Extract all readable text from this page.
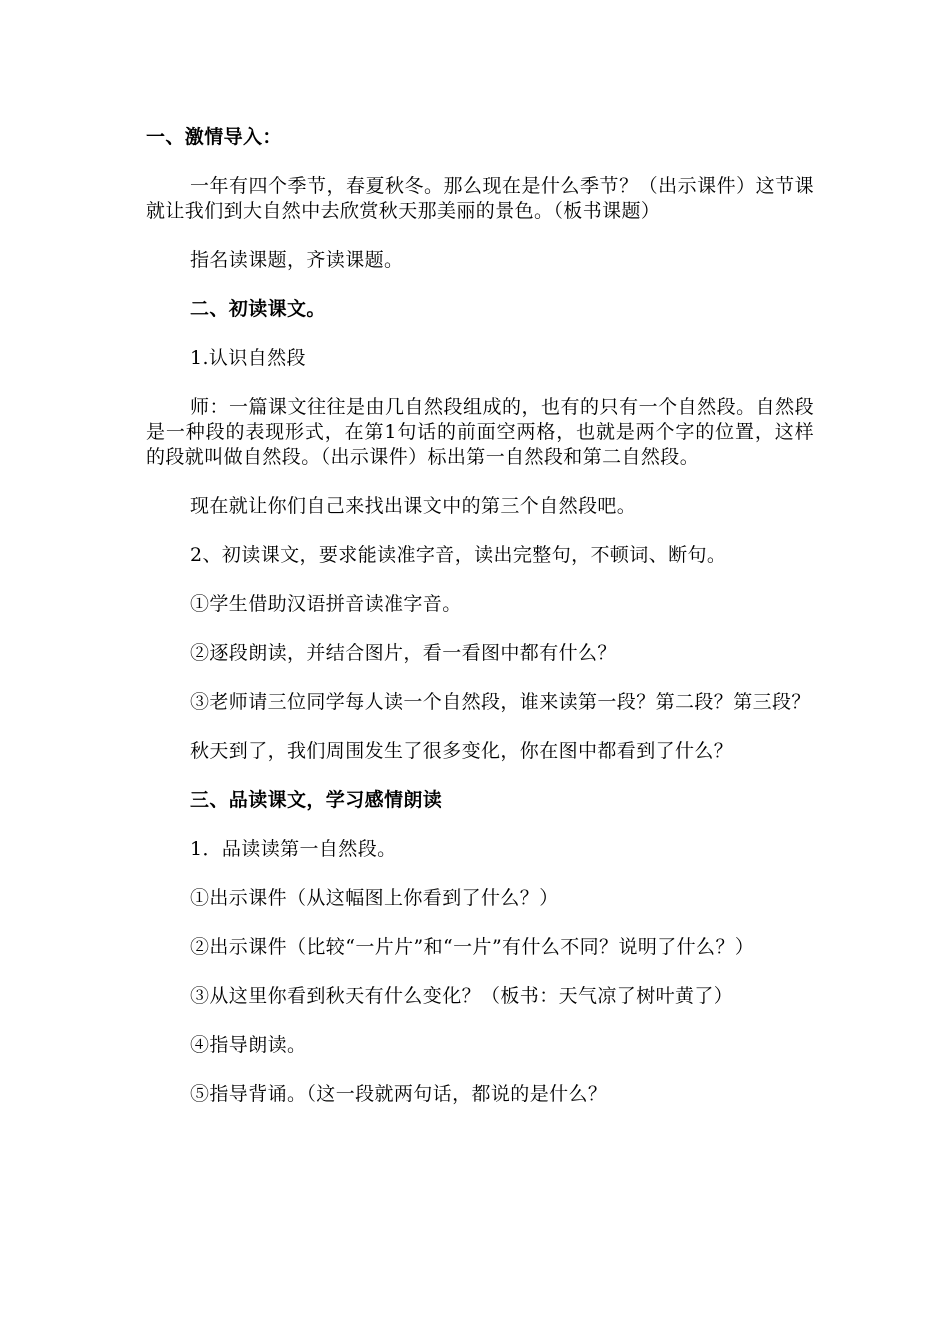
一、激情导入：

一年有四个季节，春夏秋冬。那么现在是什么季节？（出示课件）这节课就让我们到大自然中去欣赏秋天那美丽的景色。（板书课题）

指名读课题，齐读课题。

二、初读课文。

1.认识自然段

师：一篇课文往往是由几自然段组成的，也有的只有一个自然段。自然段是一种段的表现形式，在第1句话的前面空两格，也就是两个字的位置，这样的段就叫做自然段。（出示课件）标出第一自然段和第二自然段。

现在就让你们自己来找出课文中的第三个自然段吧。

2、初读课文，要求能读准字音，读出完整句，不顿词、断句。

①学生借助汉语拼音读准字音。

②逐段朗读，并结合图片，看一看图中都有什么？

③老师请三位同学每人读一个自然段，谁来读第一段？第二段？第三段？

秋天到了，我们周围发生了很多变化，你在图中都看到了什么？

三、品读课文，学习感情朗读

1．品读读第一自然段。

①出示课件（从这幅图上你看到了什么？）

②出示课件（比较“一片片”和“一片”有什么不同？说明了什么？）

③从这里你看到秋天有什么变化？（板书：天气凉了树叶黄了）

④指导朗读。

⑤指导背诵。（这一段就两句话，都说的是什么？
